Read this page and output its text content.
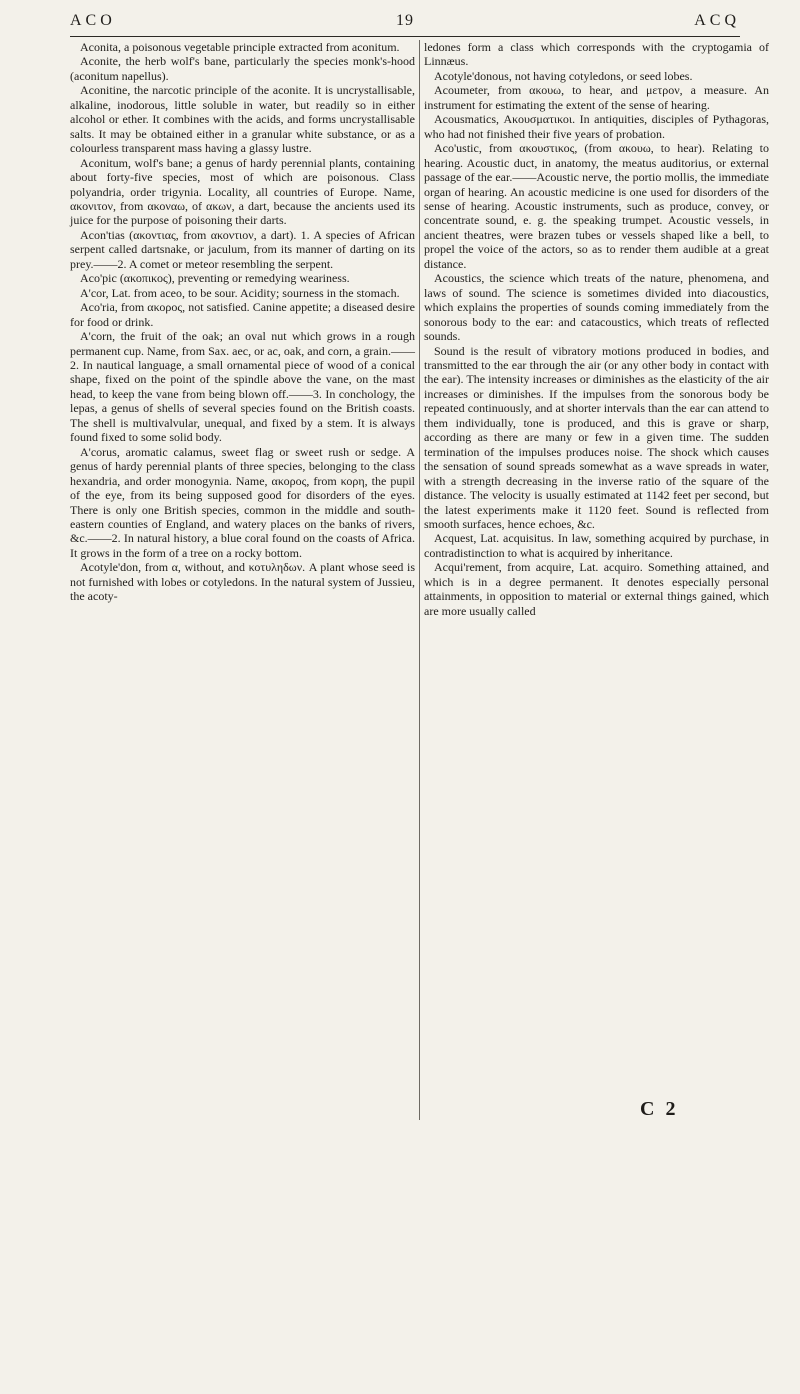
ACO	19	ACQ

Aconita, a poisonous vegetable principle extracted from aconitum.

Aconite, the herb wolf's bane, particularly the species monk's-hood (aconitum napellus).

Aconitine, the narcotic principle of the aconite. It is uncrystallisable, alkaline, inodorous, little soluble in water, but readily so in either alcohol or ether. It combines with the acids, and forms uncrystallisable salts. It may be obtained either in a granular white substance, or as a colourless transparent mass having a glassy lustre.

Aconitum, wolf's bane; a genus of hardy perennial plants, containing about forty-five species, most of which are poisonous. Class polyandria, order trigynia. Locality, all countries of Europe. Name, ακονιτον, from ακοναω, of ακων, a dart, because the ancients used its juice for the purpose of poisoning their darts.

Acon'tias (ακοντιας, from ακοντιον, a dart). 1. A species of African serpent called dartsnake, or jaculum, from its manner of darting on its prey.——2. A comet or meteor resembling the serpent.

Aco'pic (ακοπικος), preventing or remedying weariness.

A'cor, Lat. from aceo, to be sour. Acidity; sourness in the stomach.

Aco'ria, from ακορος, not satisfied. Canine appetite; a diseased desire for food or drink.

A'corn, the fruit of the oak; an oval nut which grows in a rough permanent cup. Name, from Sax. aec, or ac, oak, and corn, a grain.——2. In nautical language, a small ornamental piece of wood of a conical shape, fixed on the point of the spindle above the vane, on the mast head, to keep the vane from being blown off.——3. In conchology, the lepas, a genus of shells of several species found on the British coasts. The shell is multivalvular, unequal, and fixed by a stem. It is always found fixed to some solid body.

A'corus, aromatic calamus, sweet flag or sweet rush or sedge. A genus of hardy perennial plants of three species, belonging to the class hexandria, and order monogynia. Name, ακορος, from κορη, the pupil of the eye, from its being supposed good for disorders of the eyes. There is only one British species, common in the middle and south-eastern counties of England, and watery places on the banks of rivers, &c.——2. In natural history, a blue coral found on the coasts of Africa. It grows in the form of a tree on a rocky bottom.

Acotyle'don, from α, without, and κοτυληδων. A plant whose seed is not furnished with lobes or cotyledons. In the natural system of Jussieu, the acoty-

ledones form a class which corresponds with the cryptogamia of Linnæus.

Acotyle'donous, not having cotyledons, or seed lobes.

Acoumeter, from ακουω, to hear, and μετρον, a measure. An instrument for estimating the extent of the sense of hearing.

Acousmatics, Ακουσματικοι. In antiquities, disciples of Pythagoras, who had not finished their five years of probation.

Aco'ustic, from ακουστικος, (from ακουω, to hear). Relating to hearing. Acoustic duct, in anatomy, the meatus auditorius, or external passage of the ear.——Acoustic nerve, the portio mollis, the immediate organ of hearing. An acoustic medicine is one used for disorders of the sense of hearing. Acoustic instruments, such as produce, convey, or concentrate sound, e. g. the speaking trumpet. Acoustic vessels, in ancient theatres, were brazen tubes or vessels shaped like a bell, to propel the voice of the actors, so as to render them audible at a great distance.

Acoustics, the science which treats of the nature, phenomena, and laws of sound. The science is sometimes divided into diacoustics, which explains the properties of sounds coming immediately from the sonorous body to the ear: and catacoustics, which treats of reflected sounds.

Sound is the result of vibratory motions produced in bodies, and transmitted to the ear through the air (or any other body in contact with the ear). The intensity increases or diminishes as the elasticity of the air increases or diminishes. If the impulses from the sonorous body be repeated continuously, and at shorter intervals than the ear can attend to them individually, tone is produced, and this is grave or sharp, according as there are many or few in a given time. The sudden termination of the impulses produces noise. The shock which causes the sensation of sound spreads somewhat as a wave spreads in water, with a strength decreasing in the inverse ratio of the square of the distance. The velocity is usually estimated at 1142 feet per second, but the latest experiments make it 1120 feet. Sound is reflected from smooth surfaces, hence echoes, &c.

Acquest, Lat. acquisitus. In law, something acquired by purchase, in contradistinction to what is acquired by inheritance.

Acqui'rement, from acquire, Lat. acquiro. Something attained, and which is in a degree permanent. It denotes especially personal attainments, in opposition to material or external things gained, which are more usually called

C 2
